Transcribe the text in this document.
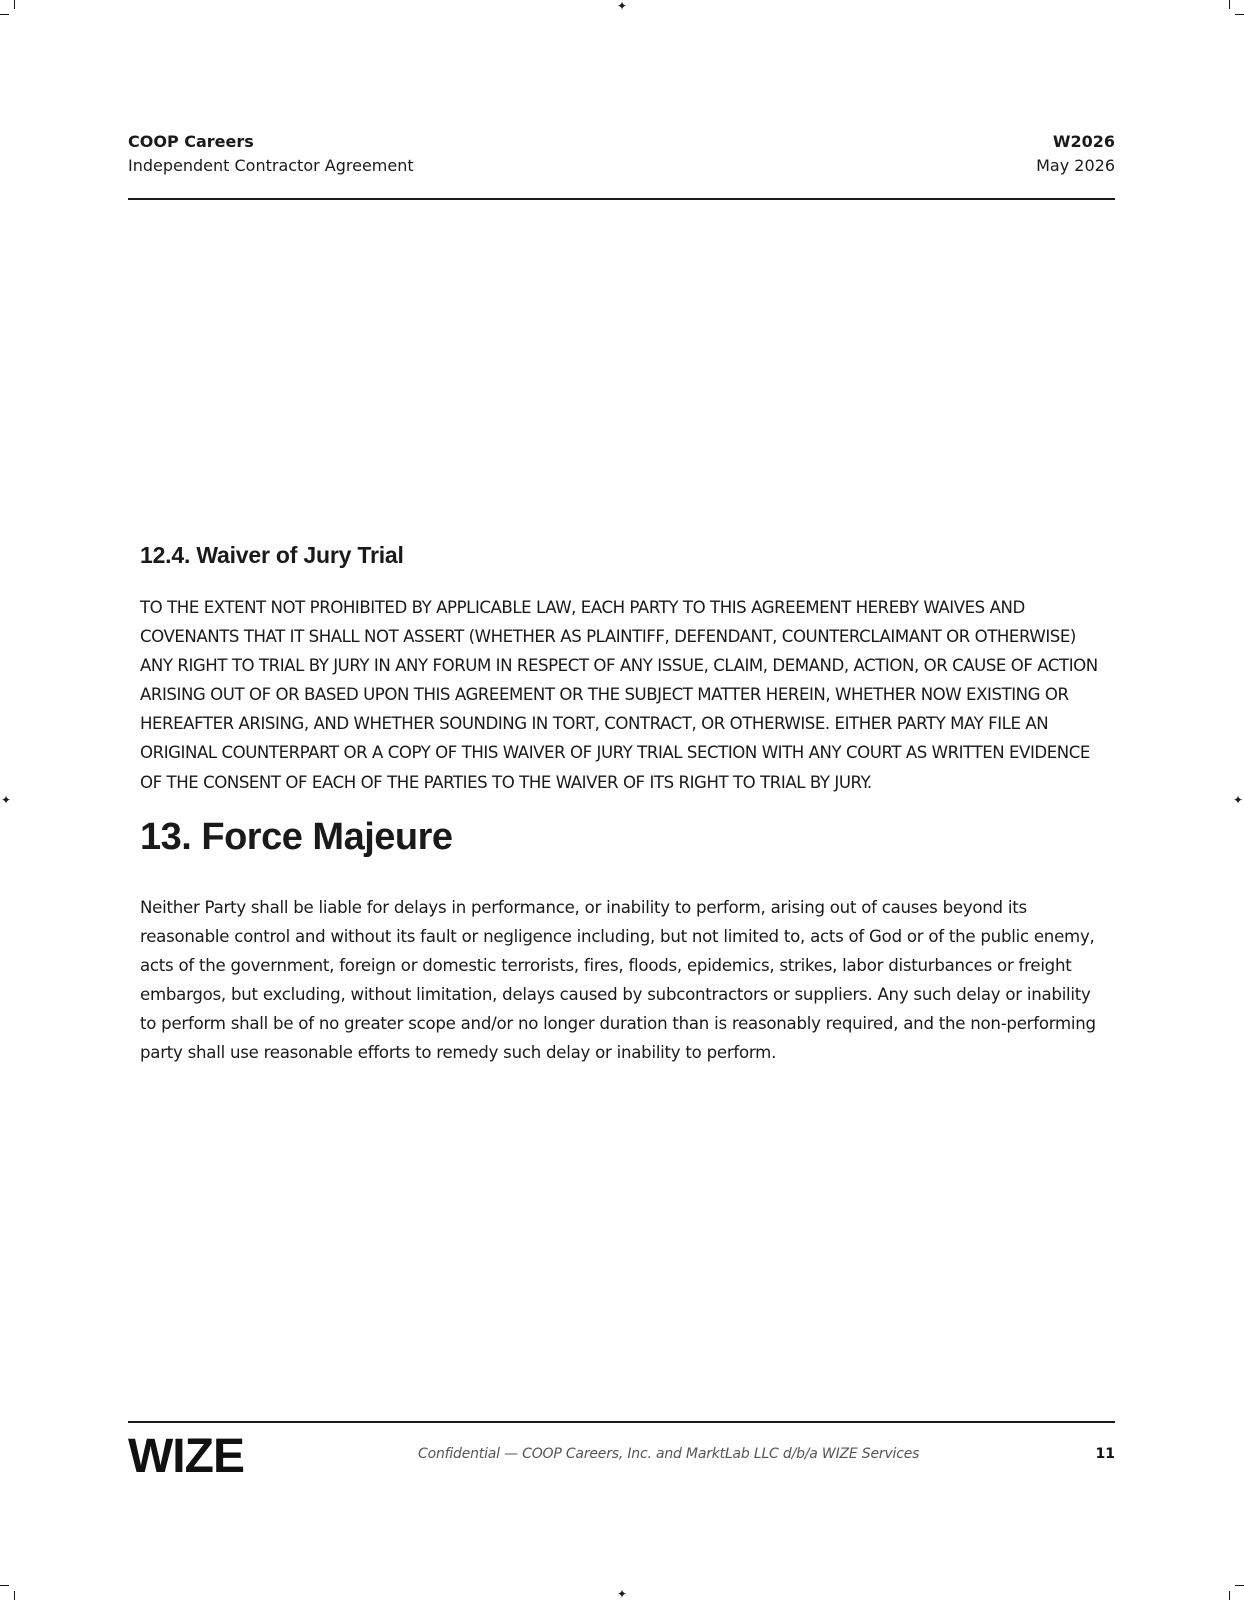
✦
✦
✦	✦
COOP Careers
Independent Contractor Agreement
W2026
May 2026
12.4. Waiver of Jury Trial

TO THE EXTENT NOT PROHIBITED BY APPLICABLE LAW, EACH PARTY TO THIS AGREEMENT HEREBY WAIVES AND COVENANTS THAT IT SHALL NOT ASSERT (WHETHER AS PLAINTIFF, DEFENDANT, COUNTERCLAIMANT OR OTHERWISE) ANY RIGHT TO TRIAL BY JURY IN ANY FORUM IN RESPECT OF ANY ISSUE, CLAIM, DEMAND, ACTION, OR CAUSE OF ACTION ARISING OUT OF OR BASED UPON THIS AGREEMENT OR THE SUBJECT MATTER HEREIN, WHETHER NOW EXISTING OR HEREAFTER ARISING, AND WHETHER SOUNDING IN TORT, CONTRACT, OR OTHERWISE. EITHER PARTY MAY FILE AN ORIGINAL COUNTERPART OR A COPY OF THIS WAIVER OF JURY TRIAL SECTION WITH ANY COURT AS WRITTEN EVIDENCE OF THE CONSENT OF EACH OF THE PARTIES TO THE WAIVER OF ITS RIGHT TO TRIAL BY JURY.

13. Force Majeure

Neither Party shall be liable for delays in performance, or inability to perform, arising out of causes beyond its reasonable control and without its fault or negligence including, but not limited to, acts of God or of the public enemy, acts of the government, foreign or domestic terrorists, fires, floods, epidemics, strikes, labor disturbances or freight embargos, but excluding, without limitation, delays caused by subcontractors or suppliers. Any such delay or inability to perform shall be of no greater scope and/or no longer duration than is reasonably required, and the non-performing party shall use reasonable efforts to remedy such delay or inability to perform.

WIZE	Confidential — COOP Careers, Inc. and MarktLab LLC d/b/a WIZE Services	11
